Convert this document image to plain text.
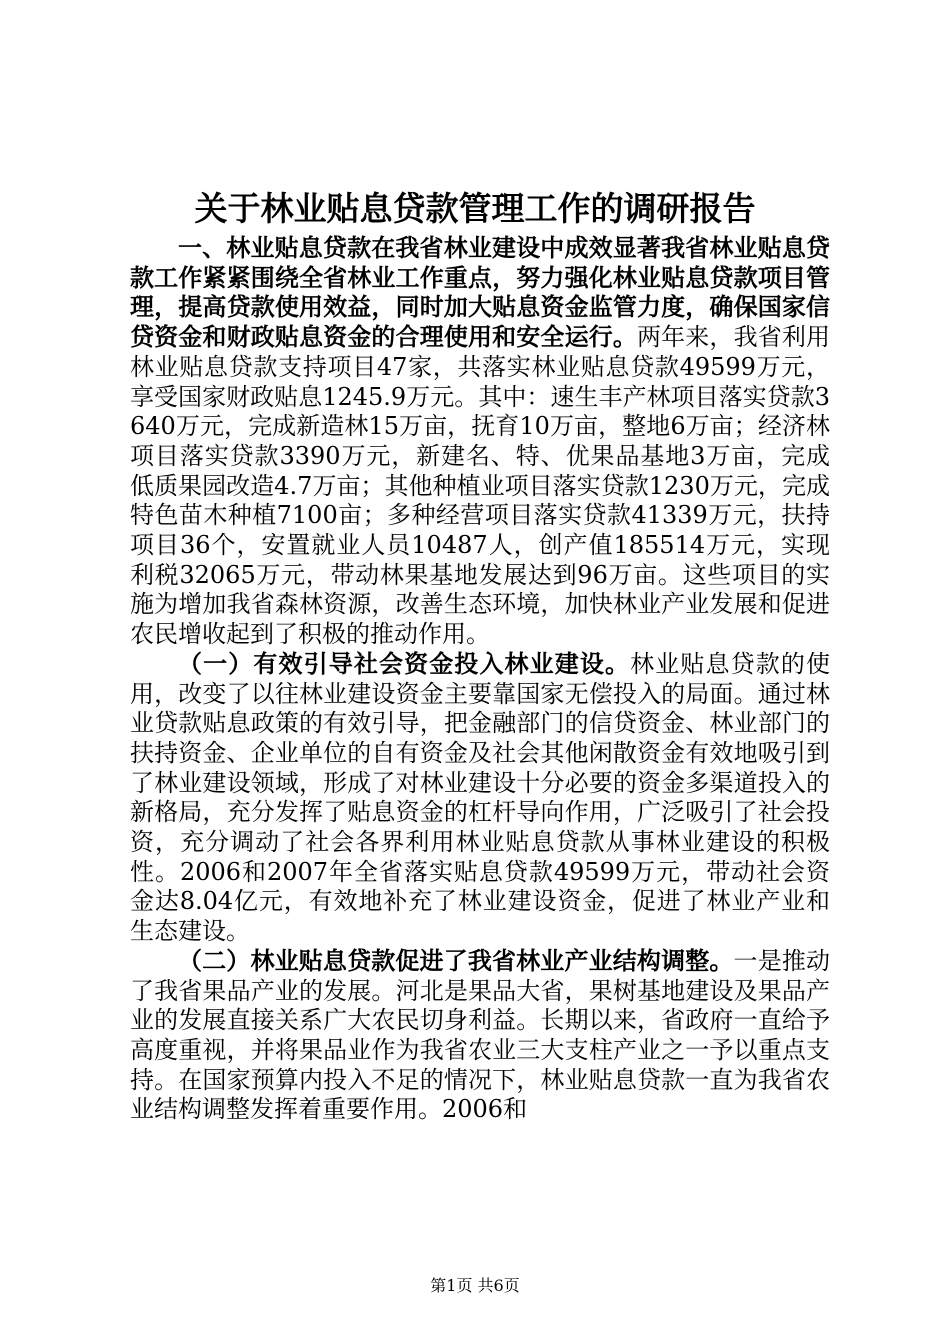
关于林业贴息贷款管理工作的调研报告

一、林业贴息贷款在我省林业建设中成效显著我省林业贴息贷款工作紧紧围绕全省林业工作重点，努力强化林业贴息贷款项目管理，提高贷款使用效益，同时加大贴息资金监管力度，确保国家信贷资金和财政贴息资金的合理使用和安全运行。两年来，我省利用林业贴息贷款支持项目47家，共落实林业贴息贷款49599万元，享受国家财政贴息1245.9万元。其中：速生丰产林项目落实贷款3640万元，完成新造林15万亩，抚育10万亩，整地6万亩；经济林项目落实贷款3390万元，新建名、特、优果品基地3万亩，完成低质果园改造4.7万亩；其他种植业项目落实贷款1230万元，完成特色苗木种植7100亩；多种经营项目落实贷款41339万元，扶持项目36个，安置就业人员10487人，创产值185514万元，实现利税32065万元，带动林果基地发展达到96万亩。这些项目的实施为增加我省森林资源，改善生态环境，加快林业产业发展和促进农民增收起到了积极的推动作用。

（一）有效引导社会资金投入林业建设。林业贴息贷款的使用，改变了以往林业建设资金主要靠国家无偿投入的局面。通过林业贷款贴息政策的有效引导，把金融部门的信贷资金、林业部门的扶持资金、企业单位的自有资金及社会其他闲散资金有效地吸引到了林业建设领域，形成了对林业建设十分必要的资金多渠道投入的新格局，充分发挥了贴息资金的杠杆导向作用，广泛吸引了社会投资，充分调动了社会各界利用林业贴息贷款从事林业建设的积极性。2006和2007年全省落实贴息贷款49599万元，带动社会资金达8.04亿元，有效地补充了林业建设资金，促进了林业产业和生态建设。

（二）林业贴息贷款促进了我省林业产业结构调整。一是推动了我省果品产业的发展。河北是果品大省，果树基地建设及果品产业的发展直接关系广大农民切身利益。长期以来，省政府一直给予高度重视，并将果品业作为我省农业三大支柱产业之一予以重点支持。在国家预算内投入不足的情况下，林业贴息贷款一直为我省农业结构调整发挥着重要作用。2006和

第1页 共6页
